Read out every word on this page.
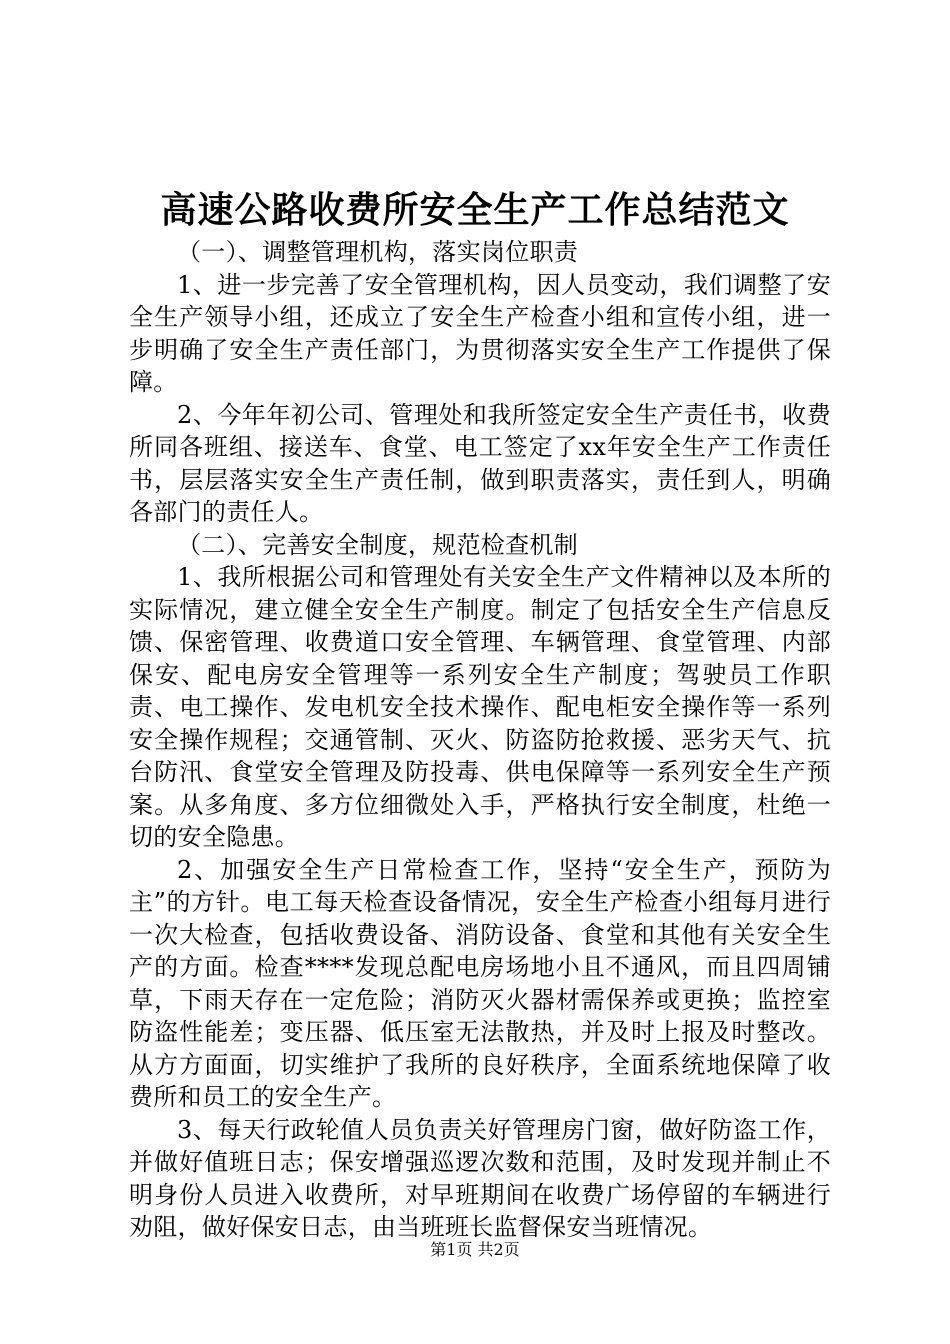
高速公路收费所安全生产工作总结范文

（一）、调整管理机构，落实岗位职责

1、进一步完善了安全管理机构，因人员变动，我们调整了安全生产领导小组，还成立了安全生产检查小组和宣传小组，进一步明确了安全生产责任部门，为贯彻落实安全生产工作提供了保障。

2、今年年初公司、管理处和我所签定安全生产责任书，收费所同各班组、接送车、食堂、电工签定了xx年安全生产工作责任书，层层落实安全生产责任制，做到职责落实，责任到人，明确各部门的责任人。

（二）、完善安全制度，规范检查机制

1、我所根据公司和管理处有关安全生产文件精神以及本所的实际情况，建立健全安全生产制度。制定了包括安全生产信息反馈、保密管理、收费道口安全管理、车辆管理、食堂管理、内部保安、配电房安全管理等一系列安全生产制度；驾驶员工作职责、电工操作、发电机安全技术操作、配电柜安全操作等一系列安全操作规程；交通管制、灭火、防盗防抢救援、恶劣天气、抗台防汛、食堂安全管理及防投毒、供电保障等一系列安全生产预案。从多角度、多方位细微处入手，严格执行安全制度，杜绝一切的安全隐患。

2、加强安全生产日常检查工作，坚持“安全生产，预防为主”的方针。电工每天检查设备情况，安全生产检查小组每月进行一次大检查，包括收费设备、消防设备、食堂和其他有关安全生产的方面。检查****发现总配电房场地小且不通风，而且四周铺草，下雨天存在一定危险；消防灭火器材需保养或更换；监控室防盗性能差；变压器、低压室无法散热，并及时上报及时整改。从方方面面，切实维护了我所的良好秩序，全面系统地保障了收费所和员工的安全生产。

3、每天行政轮值人员负责关好管理房门窗，做好防盗工作，并做好值班日志；保安增强巡逻次数和范围，及时发现并制止不明身份人员进入收费所，对早班期间在收费广场停留的车辆进行劝阻，做好保安日志，由当班班长监督保安当班情况。

第1页 共2页
